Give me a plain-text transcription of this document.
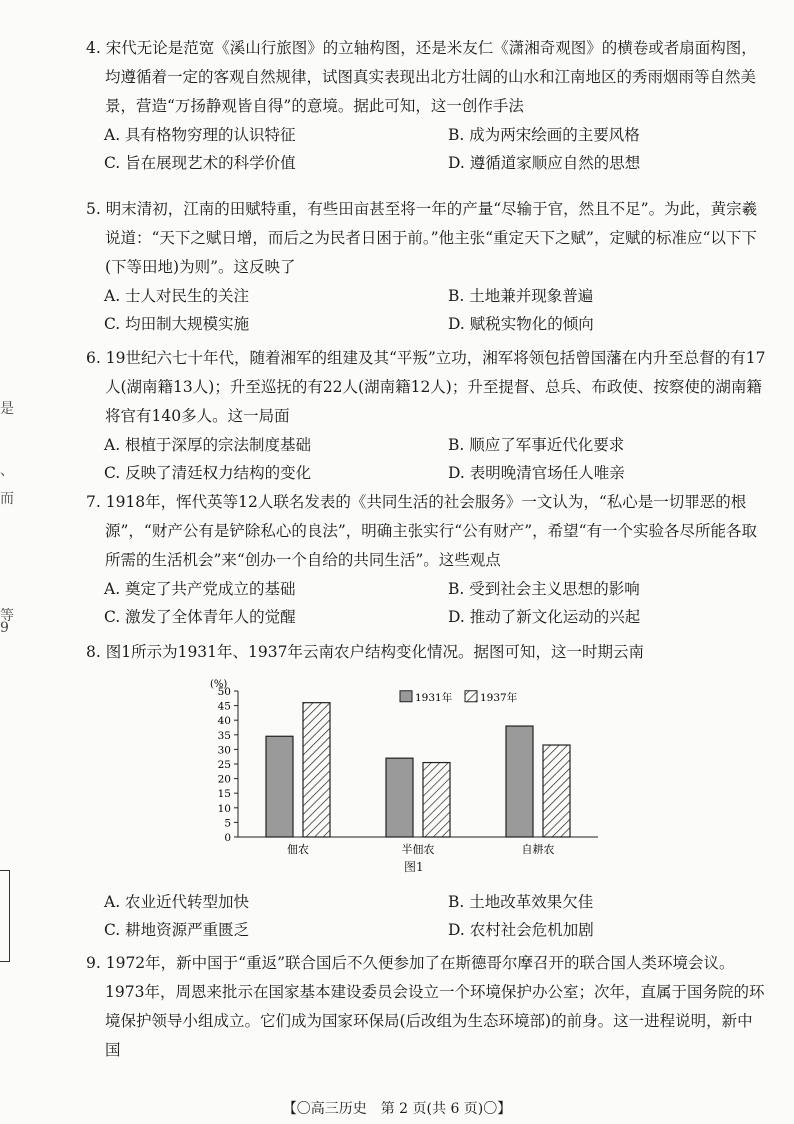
是
、
而
等
9
4. 宋代无论是范宽《溪山行旅图》的立轴构图，还是米友仁《潇湘奇观图》的横卷或者扇面构图，均遵循着一定的客观自然规律，试图真实表现出北方壮阔的山水和江南地区的秀雨烟雨等自然美景，营造“万扬静观皆自得”的意境。据此可知，这一创作手法
A. 具有格物穷理的认识特征	B. 成为两宋绘画的主要风格
C. 旨在展现艺术的科学价值	D. 遵循道家顺应自然的思想
5. 明末清初，江南的田赋特重，有些田亩甚至将一年的产量“尽输于官，然且不足”。为此，黄宗羲说道：“天下之赋日增，而后之为民者日困于前。”他主张“重定天下之赋”，定赋的标准应“以下下(下等田地)为则”。这反映了
A. 士人对民生的关注	B. 土地兼并现象普遍
C. 均田制大规模实施	D. 赋税实物化的倾向
6. 19世纪六七十年代，随着湘军的组建及其“平叛”立功，湘军将领包括曾国藩在内升至总督的有17人(湖南籍13人)；升至巡抚的有22人(湖南籍12人)；升至提督、总兵、布政使、按察使的湖南籍将官有140多人。这一局面
A. 根植于深厚的宗法制度基础	B. 顺应了军事近代化要求
C. 反映了清廷权力结构的变化	D. 表明晚清官场任人唯亲
7. 1918年，恽代英等12人联名发表的《共同生活的社会服务》一文认为，“私心是一切罪恶的根源”，“财产公有是铲除私心的良法”，明确主张实行“公有财产”，希望“有一个实验各尽所能各取所需的生活机会”来“创办一个自给的共同生活”。这些观点
A. 奠定了共产党成立的基础	B. 受到社会主义思想的影响
C. 激发了全体青年人的觉醒	D. 推动了新文化运动的兴起
8. 图1所示为1931年、1937年云南农户结构变化情况。据图可知，这一时期云南
(%)
0
5
10
15
20
25
30
35
40
45
50
佃农	半佃农	自耕农
1931年	1937年
图1
A. 农业近代转型加快	B. 土地改革效果欠佳
C. 耕地资源严重匮乏	D. 农村社会危机加剧
9. 1972年，新中国于“重返”联合国后不久便参加了在斯德哥尔摩召开的联合国人类环境会议。1973年，周恩来批示在国家基本建设委员会设立一个环境保护办公室；次年，直属于国务院的环境保护领导小组成立。它们成为国家环保局(后改组为生态环境部)的前身。这一进程说明，新中国
【〇高三历史　第 2 页(共 6 页)〇】
